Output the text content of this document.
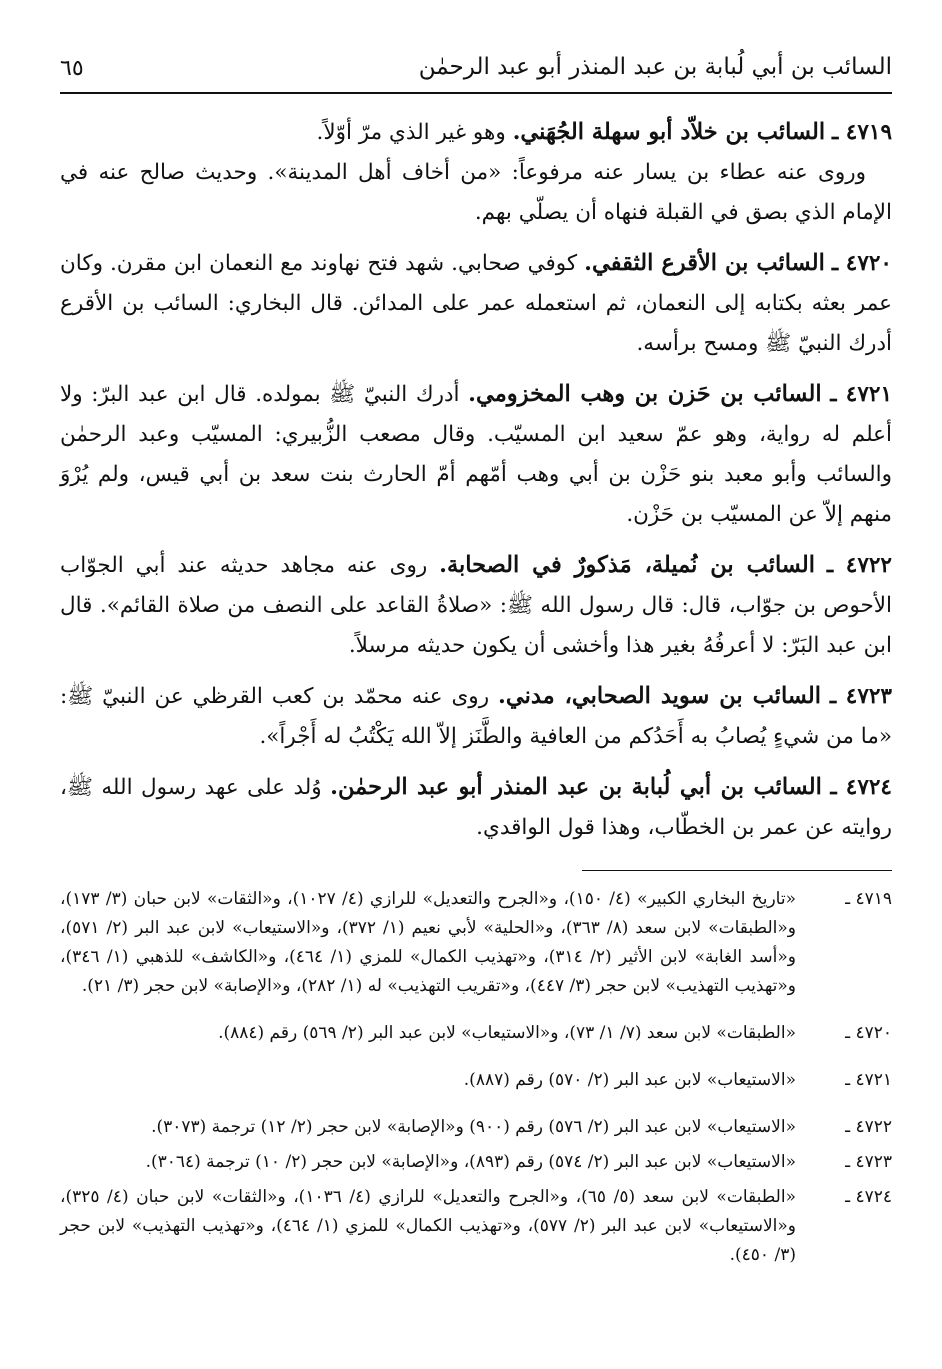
السائب بن أبي لُبابة بن عبد المنذر أبو عبد الرحمٰن
٦٥

٤٧١٩ ـ السائب بن خلاّد أبو سهلة الجُهَني. وهو غير الذي مرّ أوّلاً.
وروى عنه عطاء بن يسار عنه مرفوعاً: «من أخاف أهل المدينة». وحديث صالح عنه في الإمام الذي بصق في القبلة فنهاه أن يصلّي بهم.

٤٧٢٠ ـ السائب بن الأقرع الثقفي. كوفي صحابي. شهد فتح نهاوند مع النعمان ابن مقرن. وكان عمر بعثه بكتابه إلى النعمان، ثم استعمله عمر على المدائن. قال البخاري: السائب بن الأقرع أدرك النبيّ ﷺ ومسح برأسه.

٤٧٢١ ـ السائب بن حَزن بن وهب المخزومي. أدرك النبيّ ﷺ بمولده. قال ابن عبد البرّ: ولا أعلم له رواية، وهو عمّ سعيد ابن المسيّب. وقال مصعب الزُّبيري: المسيّب وعبد الرحمٰن والسائب وأبو معبد بنو حَزْن بن أبي وهب أمّهم أمّ الحارث بنت سعد بن أبي قيس، ولم يُرْوَ منهم إلاّ عن المسيّب بن حَزْن.

٤٧٢٢ ـ السائب بن نُميلة، مَذكورٌ في الصحابة. روى عنه مجاهد حديثه عند أبي الجوّاب الأحوص بن جوّاب، قال: قال رسول الله ﷺ: «صلاةُ القاعد على النصف من صلاة القائم». قال ابن عبد البَرّ: لا أعرفُهُ بغير هذا وأخشى أن يكون حديثه مرسلاً.

٤٧٢٣ ـ السائب بن سويد الصحابي، مدني. روى عنه محمّد بن كعب القرظي عن النبيّ ﷺ: «ما من شيءٍ يُصابُ به أَحَدُكم من العافية والطَّنَز إلاّ الله يَكْتُبُ له أَجْراً».

٤٧٢٤ ـ السائب بن أبي لُبابة بن عبد المنذر أبو عبد الرحمٰن. وُلد على عهد رسول الله ﷺ، روايته عن عمر بن الخطّاب، وهذا قول الواقدي.

٤٧١٩ ـ
«تاريخ البخاري الكبير» (٤/ ١٥٠)، و«الجرح والتعديل» للرازي (٤/ ١٠٢٧)، و«الثقات» لابن حبان (٣/ ١٧٣)، و«الطبقات» لابن سعد (٨/ ٣٦٣)، و«الحلية» لأبي نعيم (١/ ٣٧٢)، و«الاستيعاب» لابن عبد البر (٢/ ٥٧١)، و«أسد الغابة» لابن الأثير (٢/ ٣١٤)، و«تهذيب الكمال» للمزي (١/ ٤٦٤)، و«الكاشف» للذهبي (١/ ٣٤٦)، و«تهذيب التهذيب» لابن حجر (٣/ ٤٤٧)، و«تقريب التهذيب» له (١/ ٢٨٢)، و«الإصابة» لابن حجر (٣/ ٢١).
٤٧٢٠ ـ
«الطبقات» لابن سعد (٧/ ١/ ٧٣)، و«الاستيعاب» لابن عبد البر (٢/ ٥٦٩) رقم (٨٨٤).
٤٧٢١ ـ
«الاستيعاب» لابن عبد البر (٢/ ٥٧٠) رقم (٨٨٧).
٤٧٢٢ ـ
«الاستيعاب» لابن عبد البر (٢/ ٥٧٦) رقم (٩٠٠) و«الإصابة» لابن حجر (٢/ ١٢) ترجمة (٣٠٧٣).
٤٧٢٣ ـ
«الاستيعاب» لابن عبد البر (٢/ ٥٧٤) رقم (٨٩٣)، و«الإصابة» لابن حجر (٢/ ١٠) ترجمة (٣٠٦٤).
٤٧٢٤ ـ
«الطبقات» لابن سعد (٥/ ٦٥)، و«الجرح والتعديل» للرازي (٤/ ١٠٣٦)، و«الثقات» لابن حبان (٤/ ٣٢٥)، و«الاستيعاب» لابن عبد البر (٢/ ٥٧٧)، و«تهذيب الكمال» للمزي (١/ ٤٦٤)، و«تهذيب التهذيب» لابن حجر (٣/ ٤٥٠).
